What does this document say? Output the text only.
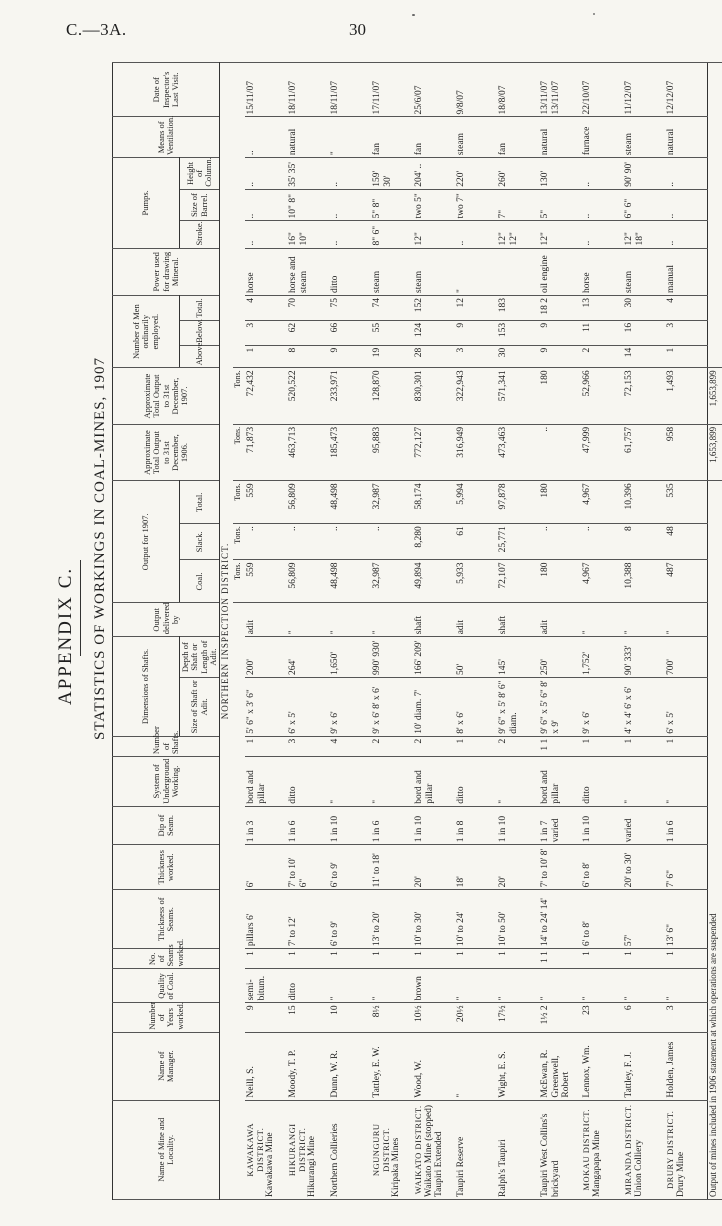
C.—3A.	30
APPENDIX C. STATISTICS OF WORKINGS IN COAL-MINES, 1907
Name of Mine and Locality.	Name of Manager.	Number of Years worked.	Quality of Coal.	No. of Seams worked.	Thickness of Seams.	Thickness worked.	Dip of Seam.	System of Underground Working.	Number of Shafts.	Dimensions of Shafts.		Output delivered by	Output for 1907.			Approximate Total Output to 31st December, 1906.	Approximate Total Output to 31st December, 1907.	Number of Men ordinarily employed.			Power used for drawing Mineral.	Pumps.			Means of Ventilation.	Date of Inspector's Last Visit.
										Size of Shaft or Adit.	Depth of Shaft or Length of Adit.		Coal.	Slack.	Total.			Above.	Below.	Total.		Stroke.	Size of Barrel.	Height of Column.		
NORTHERN INSPECTION DISTRICT.																										
													Tons.	Tons.	Tons.	Tons.	Tons.									

KAWAKAWA DISTRICT. Kawakawa Mine	Neill, S.	9	semi-bitum.	1	pillars 6'	6'	1 in 3	bord and pillar	1	5' 6" x 3' 6"	200'	adit	559	..	559	71,873	72,432	1	3	4	horse	..	..	..	..	15/11/07

HIKURANGI DISTRICT. Hikurangi Mine	Moody, T. P.	15	ditto	1	7' to 12'	7' to 10' 6"	1 in 6	ditto	3	6' x 5'	264'	"	56,809	..	56,809	463,713	520,522	8	62	70	horse and steam	16" 10"	10" 8"	35' 35'	natural	18/11/07
Northern Collieries	Dunn, W. R.	10	"	1	6' to 9'	6' to 9'	1 in 10	"	4	9' x 6'	1,650'	"	48,498	..	48,498	185,473	233,971	9	66	75	ditto	..	..	..	"	18/11/07

NGUNGURU DISTRICT. Kiripaka Mines	Tattley, E. W.	8½	"	1	13' to 20'	11' to 18'	1 in 6	"	2	9' x 6' 8' x 6'	990' 930'	"	32,987	..	32,987	95,883	128,870	19	55	74	steam	8" 6"	5" 8"	159' 30'	fan	17/11/07

WAIKATO DISTRICT. Waikato Mine (stopped) Taupiri Extended	Wood, W.	10½	brown	1	10' to 30'	20'	1 in 10	bord and pillar	2	10' diam. 7'	166' 209'	shaft	49,894	8,280	58,174	772,127	830,301	28	124	152	steam	12"	two 5"	204' ..	fan	25/6/07
Taupiri Reserve	"	20½	"	1	10' to 24'	18'	1 in 8	ditto	1	8' x 6'	50'	adit	5,933	61	5,994	316,949	322,943	3	9	12	"	..	two 7"	220'	steam	9/8/07
Ralph's Taupiri	Wight, E. S.	17½	"	1	10' to 50'	20'	1 in 10	"	2	9' 6" x 5' 8' 6" diam.	145'	shaft	72,107	25,771	97,878	473,463	571,341	30	153	183		12" 12"	7"	260'	fan	18/8/07
Taupiri West Collins's brickyard	McEwan, R. Greenwell, Robert	1½ 2	"	1 1	14' to 24' 14'	7' to 10' 8'	1 in 7 varied	bord and pillar	1 1	9' 6" x 5' 6" 8' x 9'	250'	adit	180	..	180	..	180	9	9	18 2	oil engine	12"	5"	130'	natural	13/11/07 13/11/07

MOKAU DISTRICT. Mangapapa Mine	Lennox, Wm.	23	"	1	6' to 8'	6' to 8'	1 in 10	ditto	1	9' x 6'	1,752'	"	4,967	..	4,967	47,999	52,966	2	11	13	horse	..	..	..	furnace	22/10/07

MIRANDA DISTRICT. Union Colliery	Tattley, F. J.	6	"	1	57'	20' to 30'	varied	"	1	4' x 4' 6' x 6'	90' 333'	"	10,388	8	10,396	61,757	72,153	14	16	30	steam	12" 18"	6" 6"	90' 90'	steam	11/12/07

DRURY DISTRICT. Drury Mine	Holden, James	3	"	1	13' 6"	7' 6"	1 in 6	"	1	6' x 5'	700'	"	487	48	535	958	1,493	1	3	4	manual	..	..	..	natural	12/12/07
Output of mines included in 1906 statement at which operations are suspended																1,653,899	1,653,899									
